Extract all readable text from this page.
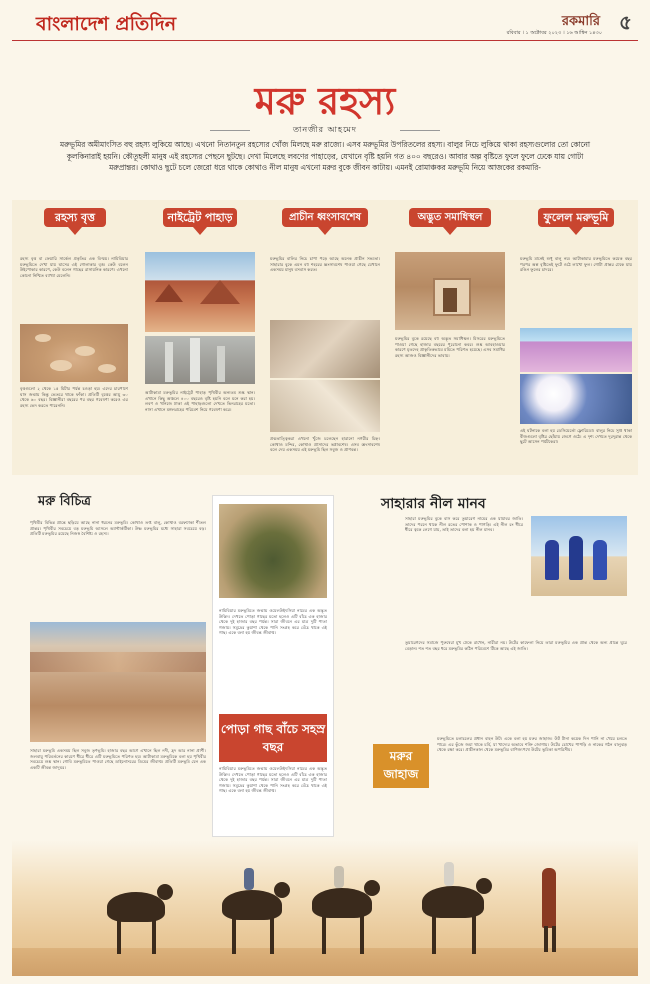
বাংলাদেশ প্রতিদিন	রকমারি ৫
রবিবার । ১ অক্টোবর ২০২৩ । ১৬ আশ্বিন ১৪৩০
মরু রহস্য
তানজীর আহমেদ
মরুভূমির অমীমাংসিত বহু রহস্য লুকিয়ে আছে। এখনো নিতানতুন রহস্যের খোঁজ মিলছে মরু রাজ্যে। এসব মরুভূমির উপরিতলের রহস্য। বালুর নিচে লুকিয়ে থাকা রহস্যগুলোর তো কোনো কূলকিনারাই হয়নি। কৌতূহলী মানুষ এই রহস্যের পেছনে ছুটছে। দেখা মিলেছে লবণের পাহাড়ের, যেখানে বৃষ্টি হয়নি গত ৪০০ বছরেও। আবার অল্প বৃষ্টিতে ফুলে ফুলে ঢেকে যায় গোটা মরুপ্রান্তর। কোথাও ছুটে চলে জেরো ধরে থাকে কোথাও নীল মানুষ এখনো মরুর বুকে জীবন কাটায়। এমনই রোমাঞ্চকর মরুভূমি নিয়ে আজকের রকমারি-
রহস্য বৃত্ত
রহস্য বৃত্ত বা ফেয়ারি সার্কেল প্রকৃতির এক বিস্ময়। নামিবিয়ার মরুভূমিতে দেখা যায় ঘাসের এই গোলাকার বৃত্ত। কেউ বলেন উইপোকার কারণে, কেউ বলেন গাছের রাসায়নিক কারণে। এখনো কোনো নিশ্চিত ব্যাখ্যা মেলেনি।
বৃত্তগুলো ২ থেকে ১৫ মিটার পর্যন্ত চওড়া হয়। এদের চারপাশে ঘাস জন্মায় কিন্তু ভেতরে থাকে ফাঁকা। প্রতিটি বৃত্তের আয়ু ৩০ থেকে ৬০ বছর। বিজ্ঞানীরা বছরের পর বছর গবেষণা করেও এর রহস্য ভেদ করতে পারেননি।
নাইট্রেট পাহাড়
আটাকামা মরুভূমির নাইট্রেট পাহাড় পৃথিবীর অন্যতম শুষ্ক স্থান। এখানে কিছু অঞ্চলে ৪০০ বছরেও বৃষ্টি হয়নি বলে মনে করা হয়। লবণ ও খনিজে ঢাকা এই পাহাড়গুলো দেখতে ভিনগ্রহের মতো। নাসা এখানে মঙ্গলগ্রহের পরিবেশ নিয়ে গবেষণা করে।
প্রাচীন ধ্বংসাবশেষ
মরুভূমির বালির নিচে চাপা পড়ে আছে অনেক প্রাচীন সভ্যতা। সাহারার বুকে এমন বহু শহরের ধ্বংসাবশেষ পাওয়া গেছে যেখানে একসময় মানুষ বসবাস করত।
প্রত্নতাত্ত্বিকরা এখনো খুঁজে চলেছেন হারানো নগরীর চিহ্ন। কোথাও মন্দির, কোথাও প্রাসাদের ভগ্নাবশেষ। এসব ধ্বংসাবশেষ বলে দেয় একসময় এই মরুভূমি ছিল সবুজ ও প্রাণবন্ত।
অদ্ভুত সমাধিস্থল
মরুভূমির বুকে রয়েছে বহু অদ্ভুত সমাধিস্থল। মিসরের মরুভূমিতে পাওয়া গেছে হাজার বছরের পুরোনো কবর। শুষ্ক আবহাওয়ার কারণে মৃতদেহ প্রাকৃতিকভাবে মমিতে পরিণত হয়েছে। এসব সমাধির রহস্য আজও বিজ্ঞানীদের ভাবায়।
ফুলেল মরুভূমি
মরুভূমি মানেই শুধু বালু নয়। আটাকামার মরুভূমিতে কয়েক বছর পরপর অল্প বৃষ্টিতেই ফুটে ওঠে লাখো ফুল। গোটা প্রান্তর ঢেকে যায় রঙিন ফুলের চাদরে।
এই ঘটনাকে বলা হয় ডেসিয়ের্তো ফ্লোরিডো। বালুর নিচে সুপ্ত থাকা বীজগুলো বৃষ্টির ছোঁয়ায় জেগে ওঠে। এ দৃশ্য দেখতে দূরদূরান্ত থেকে ছুটে আসেন পর্যটকেরা।
মরু বিচিত্র
পৃথিবীর বিভিন্ন প্রান্তে ছড়িয়ে আছে নানা ধরনের মরুভূমি। কোথাও তপ্ত বালু, কোথাও বরফঢাকা শীতল প্রান্তর। পৃথিবীর সবচেয়ে বড় মরুভূমি আসলে অ্যান্টার্কটিকা। উষ্ণ মরুভূমির মধ্যে সাহারা সবচেয়ে বড়। প্রতিটি মরুভূমির রয়েছে নিজস্ব বৈশিষ্ট্য ও রহস্য।
সাহারা মরুভূমি একসময় ছিল সবুজ তৃণভূমি। হাজার বছর আগে এখানে ছিল নদী, হ্রদ আর নানা প্রাণী। জলবায়ু পরিবর্তনের কারণে ধীরে ধীরে এটি মরুভূমিতে পরিণত হয়। আটাকামা মরুভূমিকে বলা হয় পৃথিবীর সবচেয়ে শুষ্ক স্থান। গোবি মরুভূমিতে পাওয়া গেছে ডাইনোসরের ডিমের জীবাশ্ম। প্রতিটি মরুভূমি যেন এক একটি জীবন্ত জাদুঘর।
নামিবিয়ার মরুভূমিতে জন্মায় ওয়েলউইৎসিয়া নামের এক অদ্ভুত উদ্ভিদ। দেখতে পোড়া গাছের মতো হলেও এটি বাঁচে এক হাজার থেকে দুই হাজার বছর পর্যন্ত। সারা জীবনে এর মাত্র দুটি পাতা গজায়। সমুদ্রের কুয়াশা থেকে পানি সংগ্রহ করে বেঁচে থাকে এই গাছ। একে বলা হয় জীবন্ত জীবাশ্ম।
পোড়া গাছ বাঁচে সহস্র বছর
নামিবিয়ার মরুভূমিতে জন্মায় ওয়েলউইৎসিয়া নামের এক অদ্ভুত উদ্ভিদ। দেখতে পোড়া গাছের মতো হলেও এটি বাঁচে এক হাজার থেকে দুই হাজার বছর পর্যন্ত। সারা জীবনে এর মাত্র দুটি পাতা গজায়। সমুদ্রের কুয়াশা থেকে পানি সংগ্রহ করে বেঁচে থাকে এই গাছ। একে বলা হয় জীবন্ত জীবাশ্ম।
সাহারার নীল মানব
সাহারা মরুভূমির বুকে বাস করে তুয়ারেগ নামের এক যাযাবর জাতি। তাদের পরনে থাকে নীল রঙের পোশাক ও পাগড়ি। এই নীল রং ধীরে ধীরে ত্বকে লেগে যায়, তাই তাদের বলা হয় নীল মানব।
তুয়ারেগদের সমাজে পুরুষেরা মুখ ঢেকে রাখেন, নারীরা নয়। উটের কাফেলা নিয়ে তারা মরুভূমির এক প্রান্ত থেকে অন্য প্রান্তে ঘুরে বেড়ান। শত শত বছর ধরে মরুভূমির কঠিন পরিবেশে টিকে আছে এই জাতি।
মরুর জাহাজ
মরুভূমিতে চলাচলের প্রধান বাহন উট। একে বলা হয় মরুর জাহাজ। উট টানা কয়েক দিন পানি না খেয়ে চলতে পারে। এর কুঁজে জমা থাকে চর্বি, যা খাদ্যের অভাবে শক্তি জোগায়। উটের চোখের পাপড়ি ও নাকের গঠন বালুঝড় থেকে রক্ষা করে। প্রাচীনকাল থেকে মরুভূমির বাণিজ্যপথে উটের ভূমিকা অপরিসীম।
